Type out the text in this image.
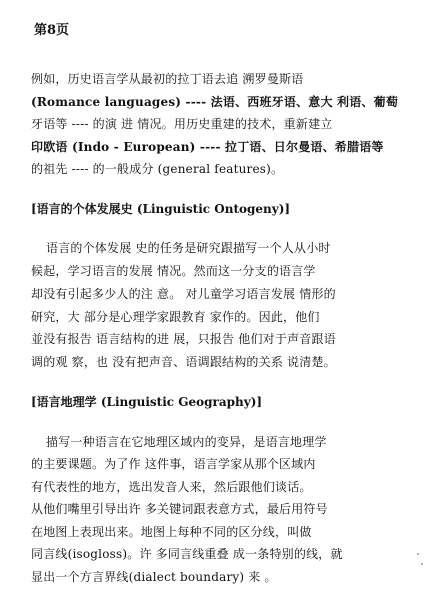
第8页
例如，历史语言学从最初的拉丁语去追 溯罗曼斯语
(Romance languages) ---- 法语、西班牙语、意大 利语、葡萄
牙语等 ---- 的演 进 情况。用历史重建的技术，重新建立
印欧语 (Indo - European) ---- 拉丁语、日尔曼语、希腊语等
的祖先 ---- 的一般成分 (general features)。
[语言的个体发展史 (Linguistic Ontogeny)]
语言的个体发展 史的任务是研究跟描写一个人从小时
候起，学习语言的发展 情况。然而这一分支的语言学
却没有引起多少人的注 意。 对儿童学习语言发展 情形的
研究，大 部分是心理学家跟教育 家作的。因此，他们
並没有报告 语言结构的进 展，只报告 他们对于声音跟语
调的观 察，也 没有把声音、语调跟结构的关系 说清楚。
[语言地理学 (Linguistic Geography)]
描写一种语言在它地理区域内的变异，是语言地理学
的主要课题。为了作 这件事，语言学家从那个区域内
有代表性的地方，选出发音人来，然后跟他们谈话。
从他们嘴里引导出许 多关键词跟表意方式，最后用符号
在地图上表现出来。地图上每种不同的区分线，叫做
同言线(isogloss)。许 多同言线重叠 成一条特别的线，就
显出一个方言界线(dialect boundary) 来 。
